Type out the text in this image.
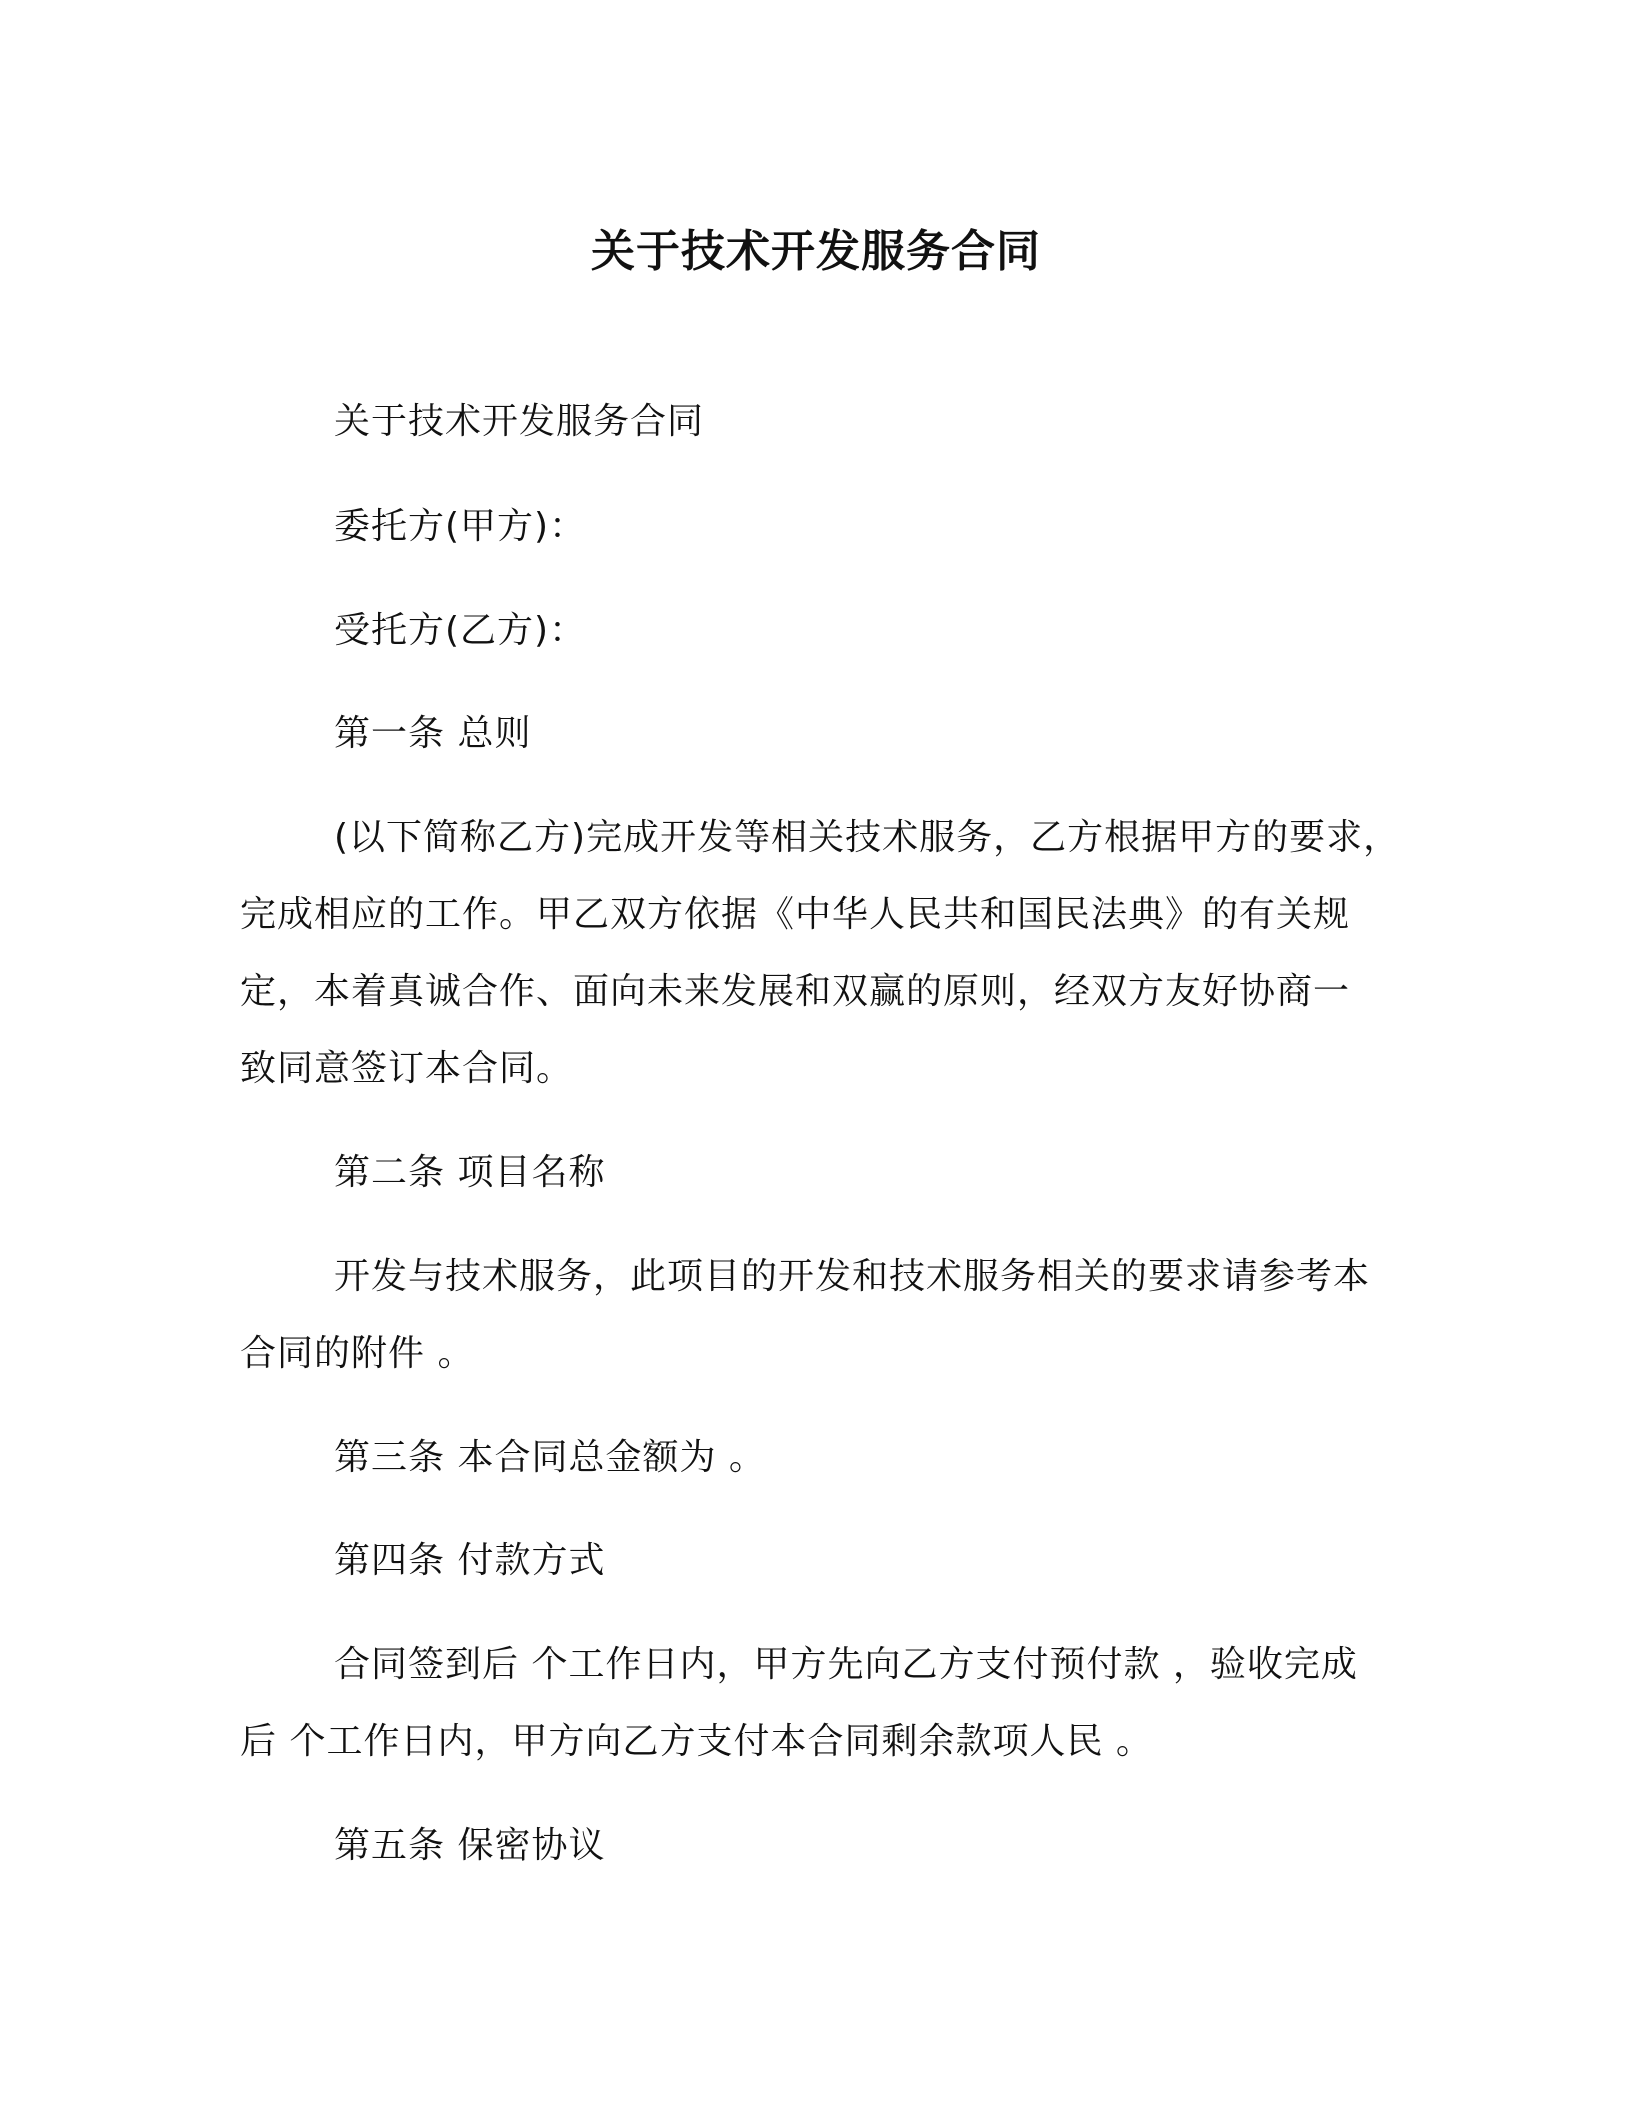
关于技术开发服务合同
关于技术开发服务合同
委托方(甲方)：
受托方(乙方)：
第一条 总则
(以下简称乙方)完成开发等相关技术服务，乙方根据甲方的要求，
完成相应的工作。甲乙双方依据《中华人民共和国民法典》的有关规
定，本着真诚合作、面向未来发展和双赢的原则，经双方友好协商一
致同意签订本合同。
第二条 项目名称
开发与技术服务，此项目的开发和技术服务相关的要求请参考本
合同的附件 。
第三条 本合同总金额为 。
第四条 付款方式
合同签到后 个工作日内，甲方先向乙方支付预付款 ，验收完成
后 个工作日内，甲方向乙方支付本合同剩余款项人民 。
第五条 保密协议
